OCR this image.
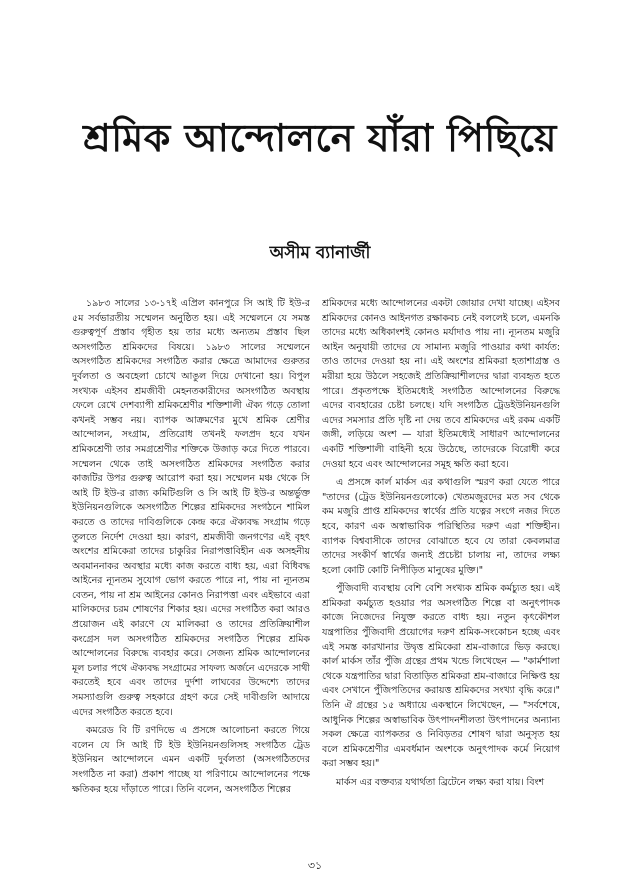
শ্রমিক আন্দোলনে যাঁরা পিছিয়ে
অসীম ব্যানার্জী

১৯৮৩ সালের ১৩-১৭ই এপ্রিল কানপুরে সি আই টি ইউ-র ৫ম সর্বভারতীয় সম্মেলন অনুষ্ঠিত হয়। এই সম্মেলনে যে সমস্ত গুরুত্বপূর্ণ প্রস্তাব গৃহীত হয় তার মধ্যে অন্যতম প্রস্তাব ছিল অসংগঠিত শ্রমিকদের বিষয়ে। ১৯৮৩ সালের সম্মেলনে অসংগঠিত শ্রমিকদের সংগঠিত করার ক্ষেত্রে আমাদের গুরুতর দুর্বলতা ও অবহেলা চোখে আঙুল দিয়ে দেখানো হয়। বিপুল সংখ্যক এইসব শ্রমজীবী মেহনতকারীদের অসংগঠিত অবস্থায় ফেলে রেখে দেশব্যাপী শ্রমিকশ্রেণীর শক্তিশালী ঐক্য গড়ে তোলা কখনই সম্ভব নয়। ব্যাপক আক্রমণের মুখে শ্রমিক শ্রেণীর আন্দোলন, সংগ্রাম, প্রতিরোধ তখনই ফলপ্রদ হবে যখন শ্রমিকশ্রেণী তার সমগ্রশ্রেণীর শক্তিকে উজাড় করে দিতে পারবে। সম্মেলন থেকে তাই অসংগঠিত শ্রমিকদের সংগঠিত করার কাজটির উপর গুরুত্ব আরোপ করা হয়। সম্মেলন মঞ্চ থেকে সি আই টি ইউ-র রাজ্য কমিটিগুলি ও সি আই টি ইউ-র অন্তর্ভুক্ত ইউনিয়নগুলিকে অসংগঠিত শিল্পের শ্রমিকদের সংগঠনে শামিল করতে ও তাদের দাবিগুলিকে কেন্দ্র করে ঐক্যবদ্ধ সংগ্রাম গড়ে তুলতে নির্দেশ দেওয়া হয়। কারণ, শ্রমজীবী জনগণের এই বৃহৎ অংশের শ্রমিকেরা তাদের চাকুরির নিরাপত্তাবিহীন এক অসহনীয় অবমাননাকর অবস্থার মধ্যে কাজ করতে বাধ্য হয়, এরা বিধিবদ্ধ আইনের ন্যূনতম সুযোগ ভোগ করতে পারে না, পায় না ন্যূনতম বেতন, পায় না শ্রম আইনের কোনও নিরাপত্তা এবং এইভাবে এরা মালিকদের চরম শোষণের শিকার হয়। এদের সংগঠিত করা আরও প্রয়োজন এই কারণে যে মালিকরা ও তাদের প্রতিক্রিয়াশীল কংগ্রেস দল অসংগঠিত শ্রমিকদের সংগঠিত শিল্পের শ্রমিক আন্দোলনের বিরুদ্ধে ব্যবহার করে। সেজন্য শ্রমিক আন্দোলনের মূল চলার পথে ঐক্যবদ্ধ সংগ্রামের সাফল্য অর্জনে এদেরকে সাথী করতেই হবে এবং তাদের দুর্দশা লাঘবের উদ্দেশ্যে তাদের সমস্যাগুলি গুরুত্ব সহকারে গ্রহণ করে সেই দাবীগুলি আদায়ে এদের সংগঠিত করতে হবে।

কমরেড বি টি রণদিভে এ প্রসঙ্গে আলোচনা করতে গিয়ে বলেন যে সি আই টি ইউ ইউনিয়নগুলিসহ সংগঠিত ট্রেড ইউনিয়ন আন্দোলনে এমন একটি দুর্বলতা (অসংগঠিতদের সংগঠিত না করা) প্রকাশ পাচ্ছে যা পরিণামে আন্দোলনের পক্ষে ক্ষতিকর হয়ে দাঁড়াতে পারে। তিনি বলেন, অসংগঠিত শিল্পের

শ্রমিকদের মধ্যে আন্দোলনের একটা জোয়ার দেখা যাচ্ছে। এইসব শ্রমিকদের কোনও আইনগত রক্ষাকবচ নেই বললেই চলে, এমনকি তাদের মধ্যে অধিকাংশই কোনও মর্যাদাও পায় না। ন্যূনতম মজুরি আইন অনুযায়ী তাদের যে সামান্য মজুরি পাওয়ার কথা কার্যত: তাও তাদের দেওয়া হয় না। এই অংশের শ্রমিকরা হতাশাগ্রস্ত ও মরীয়া হয়ে উঠলে সহজেই প্রতিক্রিয়াশীলদের দ্বারা ব্যবহৃত হতে পারে। প্রকৃতপক্ষে ইতিমধ্যেই সংগঠিত আন্দোলনের বিরুদ্ধে এদের ব্যবহারের চেষ্টা চলছে। যদি সংগঠিত ট্রেডইউনিয়নগুলি এদের সমস্যার প্রতি দৃষ্টি না দেয় তবে শ্রমিকদের এই রকম একটি জঙ্গী, লড়িয়ে অংশ — যারা ইতিমধ্যেই সাধারণ আন্দোলনের একটি শক্তিশালী বাহিনী হয়ে উঠেছে, তাদেরকে বিরোধী করে দেওয়া হবে এবং আন্দোলনের সমূহ ক্ষতি করা হবে।

এ প্রসঙ্গে কার্ল মার্কস এর কথাগুলি স্মরণ করা যেতে পারে "তাদের (ট্রেড ইউনিয়নগুলোকে) খেতমজুরদের মত সব থেকে কম মজুরি প্রাপ্ত শ্রমিকদের স্বার্থের প্রতি যত্নের সংগে নজর দিতে হবে, কারণ এক অস্বাভাবিক পরিস্থিতির দরুণ এরা শক্তিহীন।ব্যাপক বিশ্ববাসীকে তাদের বোঝাতে হবে যে তারা কেবলমাত্র তাদের সংকীর্ণ স্বার্থের জন্যই প্রচেষ্টা চালায় না, তাদের লক্ষ্য হলো কোটি কোটি নিপীড়িত মানুষের মুক্তি।"

পুঁজিবাদী ব্যবস্থায় বেশি বেশি সংখ্যক শ্রমিক কর্মচ্যুত হয়। এই শ্রমিকরা কর্মচ্যুত হওয়ার পর অসংগঠিত শিল্পে বা অনুৎপাদক কাজে নিজেদের নিযুক্ত করতে বাধ্য হয়। নতুন কৃৎকৌশল যন্ত্রপাতির পুঁজিবাদী প্রয়োগের দরুণ শ্রমিক-সংকোচন হচ্ছে এবং এই সমস্ত কারখানার উদ্বৃত্ত শ্রমিকেরা শ্রম-বাজারে ভিড় করছে। কার্ল মার্কস তাঁর পুঁজি গ্রন্থের প্রথম খন্ডে লিখেছেন — "কার্মশালা থেকে যন্ত্রপাতির দ্বারা বিতাড়িত শ্রমিকরা শ্রম-বাজারে নিক্ষিপ্ত হয় এবং সেখানে পুঁজিপতিদের করায়ত্ত শ্রমিকদের সংখ্যা বৃদ্ধি করে।" তিনি ঐ গ্রন্থের ১৫ অধ্যায়ে একস্থানে লিখেছেন, — "সর্বশেষে, আধুনিক শিল্পের অস্বাভাবিক উৎপাদনশীলতা উৎপাদনের অন্যান্য সকল ক্ষেত্রে ব্যাপকতর ও নিবিড়তর শোষণ দ্বারা অনুসৃত হয় বলে শ্রমিকশ্রেণীর এমবর্ধমান অংশকে অনুৎপাদক কর্মে নিয়োগ করা সম্ভব হয়।"

মার্কস এর বক্তব্যর যথার্থতা ব্রিটেনে লক্ষ্য করা যায়। বিংশ

৩১
